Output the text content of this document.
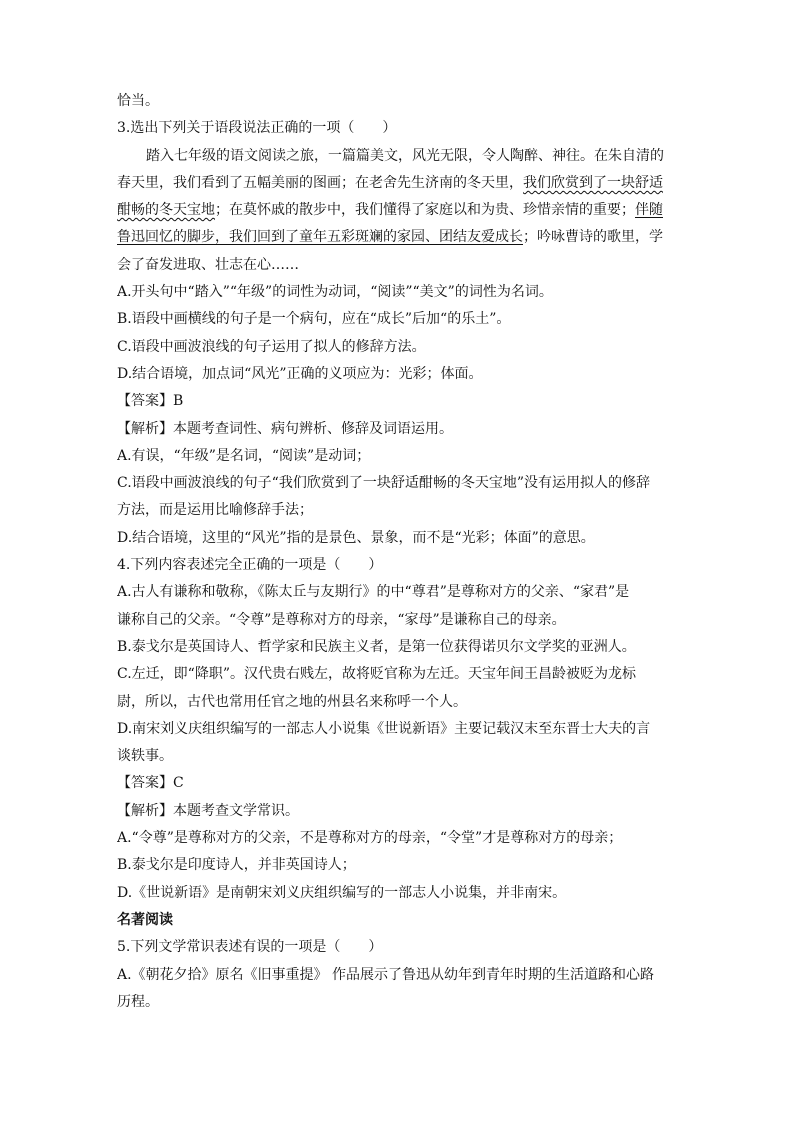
恰当。
3.选出下列关于语段说法正确的一项（　　）
踏入七年级的语文阅读之旅，一篇篇美文，风光无限，令人陶醉、神往。在朱自清的
春天里，我们看到了五幅美丽的图画；在老舍先生济南的冬天里，我们欣赏到了一块舒适
酣畅的冬天宝地；在莫怀戚的散步中，我们懂得了家庭以和为贵、珍惜亲情的重要；伴随
鲁迅回忆的脚步，我们回到了童年五彩斑斓的家园、团结友爱成长；吟咏曹诗的歌里，学
会了奋发进取、壮志在心……
A.开头句中“踏入”“年级”的词性为动词，“阅读”“美文”的词性为名词。
B.语段中画横线的句子是一个病句，应在“成长”后加“的乐土”。
C.语段中画波浪线的句子运用了拟人的修辞方法。
D.结合语境，加点词“风光”正确的义项应为：光彩；体面。
【答案】B
【解析】本题考查词性、病句辨析、修辞及词语运用。
A.有误，“年级”是名词，“阅读”是动词；
C.语段中画波浪线的句子“我们欣赏到了一块舒适酣畅的冬天宝地”没有运用拟人的修辞
方法，而是运用比喻修辞手法；
D.结合语境，这里的“风光”指的是景色、景象，而不是“光彩；体面”的意思。
4.下列内容表述完全正确的一项是（　　）
A.古人有谦称和敬称，《陈太丘与友期行》的中“尊君”是尊称对方的父亲、“家君”是
谦称自己的父亲。“令尊”是尊称对方的母亲，“家母”是谦称自己的母亲。
B.泰戈尔是英国诗人、哲学家和民族主义者，是第一位获得诺贝尔文学奖的亚洲人。
C.左迁，即“降职”。汉代贵右贱左，故将贬官称为左迁。天宝年间王昌龄被贬为龙标
尉，所以，古代也常用任官之地的州县名来称呼一个人。
D.南宋刘义庆组织编写的一部志人小说集《世说新语》主要记载汉末至东晋士大夫的言
谈轶事。
【答案】C
【解析】本题考查文学常识。
A.“令尊”是尊称对方的父亲，不是尊称对方的母亲，“令堂”才是尊称对方的母亲；
B.泰戈尔是印度诗人，并非英国诗人；
D.《世说新语》是南朝宋刘义庆组织编写的一部志人小说集，并非南宋。
名著阅读
5.下列文学常识表述有误的一项是（　　）
A.《朝花夕拾》原名《旧事重提》 作品展示了鲁迅从幼年到青年时期的生活道路和心路
历程。
